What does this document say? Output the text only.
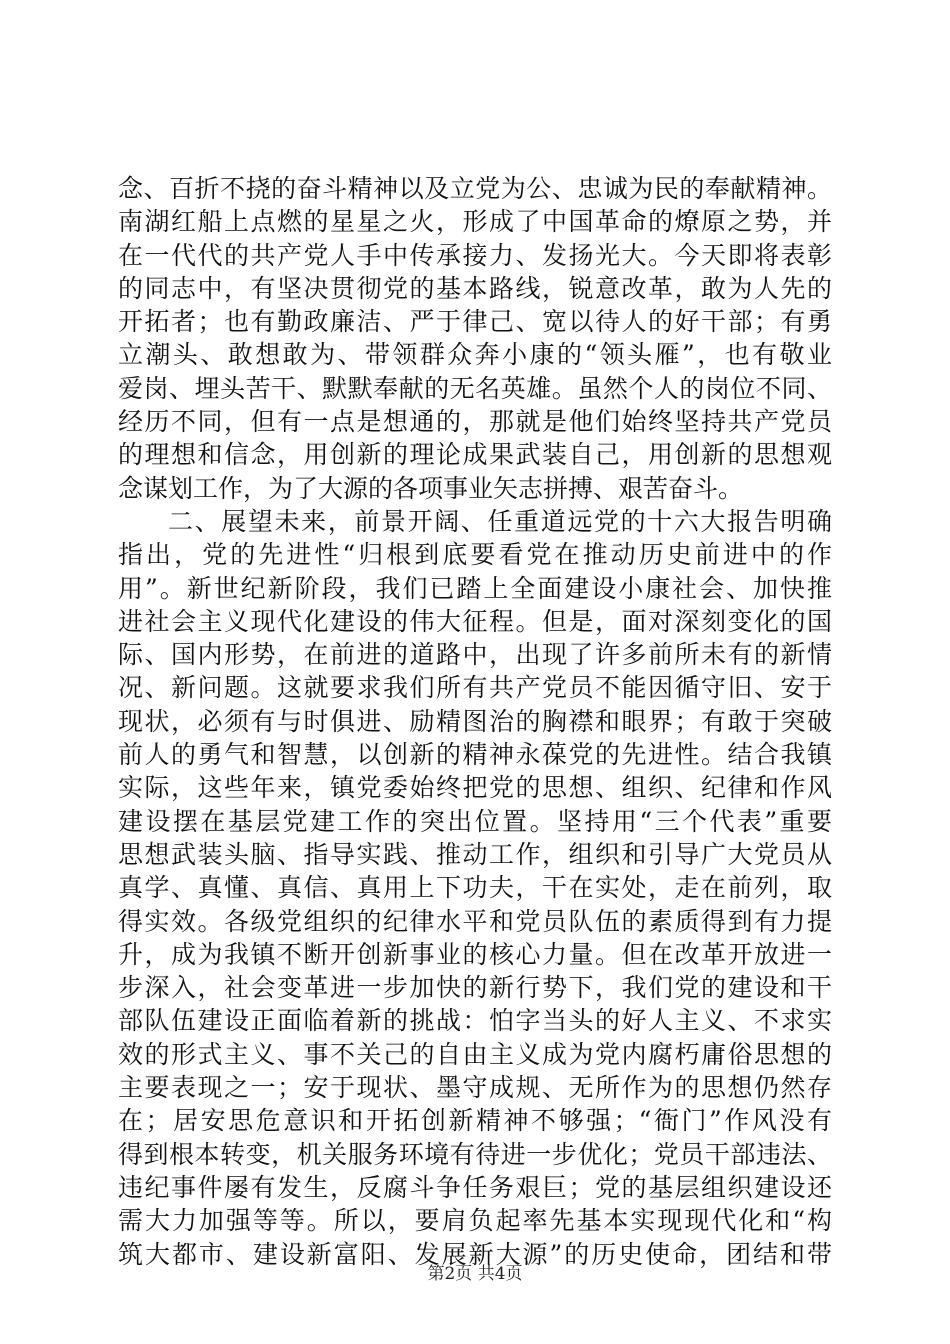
念、百折不挠的奋斗精神以及立党为公、忠诚为民的奉献精神。
南湖红船上点燃的星星之火，形成了中国革命的燎原之势，并
在一代代的共产党人手中传承接力、发扬光大。今天即将表彰
的同志中，有坚决贯彻党的基本路线，锐意改革，敢为人先的
开拓者；也有勤政廉洁、严于律己、宽以待人的好干部；有勇
立潮头、敢想敢为、带领群众奔小康的“领头雁”，也有敬业
爱岗、埋头苦干、默默奉献的无名英雄。虽然个人的岗位不同、
经历不同，但有一点是想通的，那就是他们始终坚持共产党员
的理想和信念，用创新的理论成果武装自己，用创新的思想观
念谋划工作，为了大源的各项事业矢志拼搏、艰苦奋斗。
二、展望未来，前景开阔、任重道远党的十六大报告明确
指出，党的先进性“归根到底要看党在推动历史前进中的作
用”。新世纪新阶段，我们已踏上全面建设小康社会、加快推
进社会主义现代化建设的伟大征程。但是，面对深刻变化的国
际、国内形势，在前进的道路中，出现了许多前所未有的新情
况、新问题。这就要求我们所有共产党员不能因循守旧、安于
现状，必须有与时俱进、励精图治的胸襟和眼界；有敢于突破
前人的勇气和智慧，以创新的精神永葆党的先进性。结合我镇
实际，这些年来，镇党委始终把党的思想、组织、纪律和作风
建设摆在基层党建工作的突出位置。坚持用“三个代表”重要
思想武装头脑、指导实践、推动工作，组织和引导广大党员从
真学、真懂、真信、真用上下功夫，干在实处，走在前列，取
得实效。各级党组织的纪律水平和党员队伍的素质得到有力提
升，成为我镇不断开创新事业的核心力量。但在改革开放进一
步深入，社会变革进一步加快的新行势下，我们党的建设和干
部队伍建设正面临着新的挑战：怕字当头的好人主义、不求实
效的形式主义、事不关己的自由主义成为党内腐朽庸俗思想的
主要表现之一；安于现状、墨守成规、无所作为的思想仍然存
在；居安思危意识和开拓创新精神不够强；“衙门”作风没有
得到根本转变，机关服务环境有待进一步优化；党员干部违法、
违纪事件屡有发生，反腐斗争任务艰巨；党的基层组织建设还
需大力加强等等。所以，要肩负起率先基本实现现代化和“构
筑大都市、建设新富阳、发展新大源”的历史使命，团结和带
第2页 共4页
